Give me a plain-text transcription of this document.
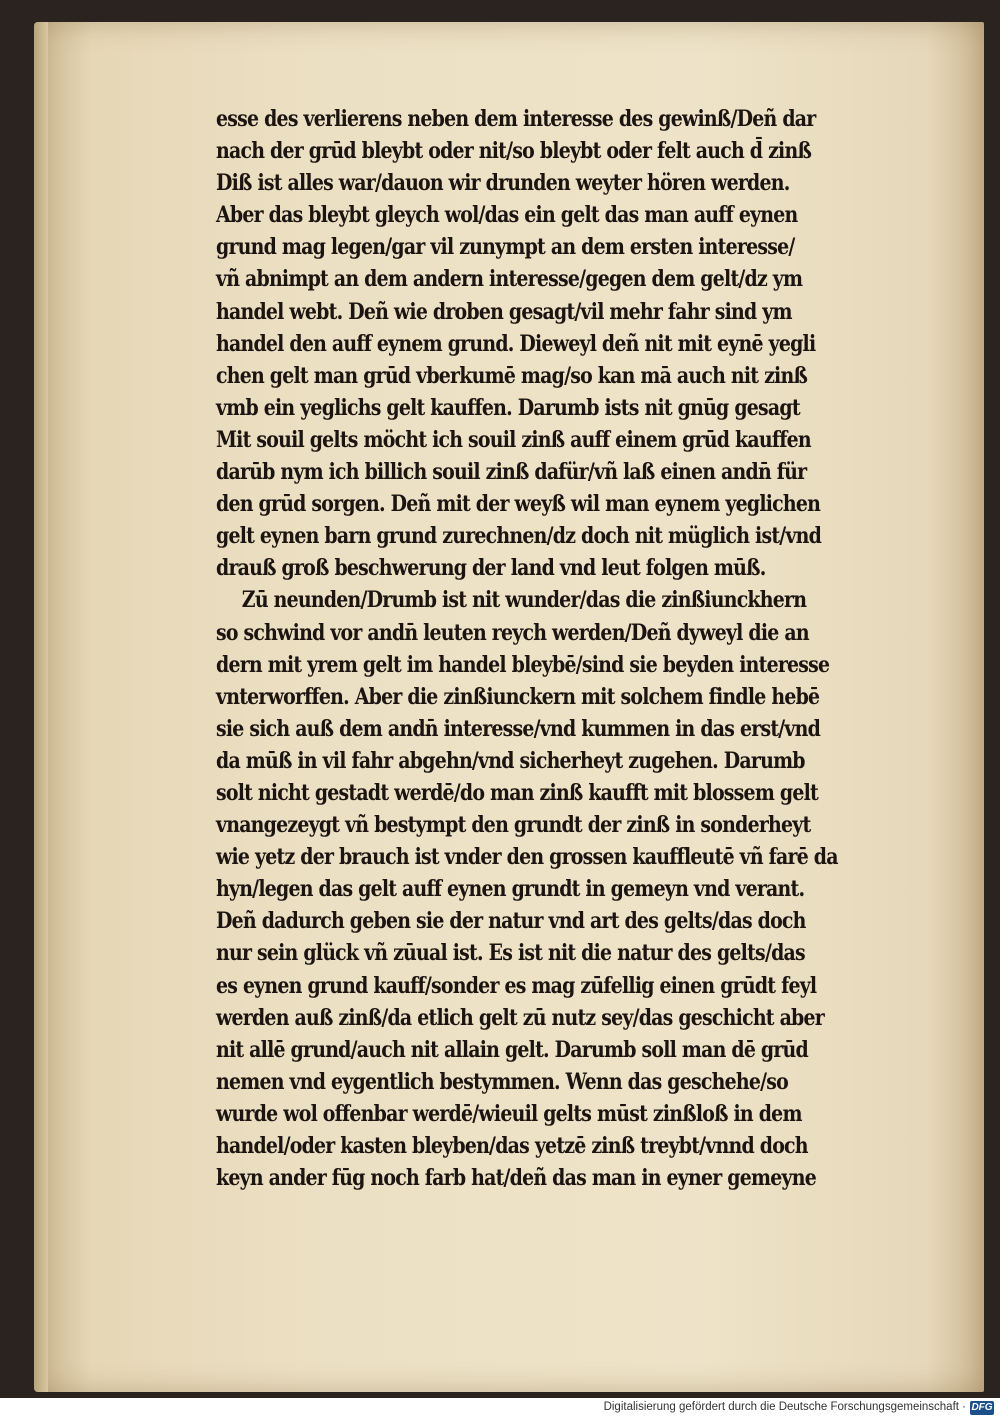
esse des verlierens neben dem interesse des gewinß/Deñ dar
nach der grūd bleybt oder nit/so bleybt oder felt auch d̄ zinß
Diß ist alles war/dauon wir drunden weyter hören werden.
Aber das bleybt gleych wol/das ein gelt das man auff eynen
grund mag legen/gar vil zunympt an dem ersten interesse/
vñ abnimpt an dem andern interesse/gegen dem gelt/dz ym
handel webt. Deñ wie droben gesagt/vil mehr fahr sind ym
handel den auff eynem grund. Dieweyl deñ nit mit eynē yegli
chen gelt man grūd vberkumē mag/so kan mā auch nit zinß
vmb ein yeglichs gelt kauffen. Darumb ists nit gnūg gesagt
Mit souil gelts möcht ich souil zinß auff einem grūd kauffen
darūb nym ich billich souil zinß dafür/vñ laß einen andn̄ für
den grūd sorgen. Deñ mit der weyß wil man eynem yeglichen
gelt eynen barn grund zurechnen/dz doch nit müglich ist/vnd
drauß groß beschwerung der land vnd leut folgen mūß.
Zū neunden/Drumb ist nit wunder/das die zinßiunckhern
so schwind vor andn̄ leuten reych werden/Deñ dyweyl die an
dern mit yrem gelt im handel bleybē/sind sie beyden interesse
vnterworffen. Aber die zinßiunckern mit solchem findle hebē
sie sich auß dem andn̄ interesse/vnd kummen in das erst/vnd
da mūß in vil fahr abgehn/vnd sicherheyt zugehen. Darumb
solt nicht gestadt werdē/do man zinß kaufft mit blossem gelt
vnangezeygt vñ bestympt den grundt der zinß in sonderheyt
wie yetz der brauch ist vnder den grossen kauffleutē vñ farē da
hyn/legen das gelt auff eynen grundt in gemeyn vnd verant.
Deñ dadurch geben sie der natur vnd art des gelts/das doch
nur sein glück vñ zūual ist. Es ist nit die natur des gelts/das
es eynen grund kauff/sonder es mag zūfellig einen grūdt feyl
werden auß zinß/da etlich gelt zū nutz sey/das geschicht aber
nit allē grund/auch nit allain gelt. Darumb soll man dē grūd
nemen vnd eygentlich bestymmen. Wenn das geschehe/so
wurde wol offenbar werdē/wieuil gelts mūst zinßloß in dem
handel/oder kasten bleyben/das yetzē zinß treybt/vnnd doch
keyn ander fūg noch farb hat/deñ das man in eyner gemeyne
Digitalisierung gefördert durch die Deutsche Forschungsgemeinschaft · DFG
